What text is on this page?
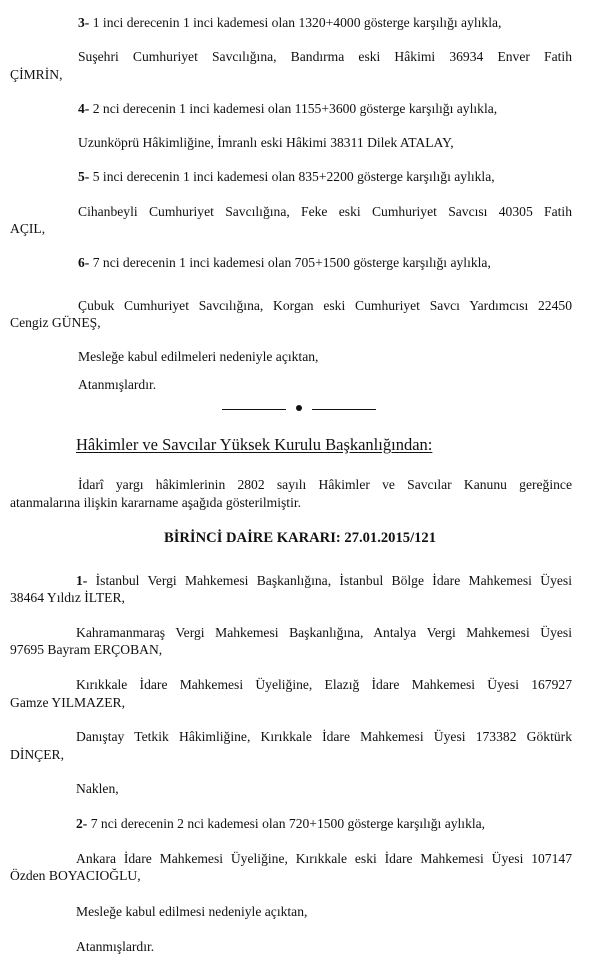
3- 1 inci derecenin 1 inci kademesi olan 1320+4000 gösterge karşılığı aylıkla,
Suşehri Cumhuriyet Savcılığına, Bandırma eski Hâkimi 36934 Enver Fatih
ÇİMRİN,
4- 2 nci derecenin 1 inci kademesi olan 1155+3600 gösterge karşılığı aylıkla,
Uzunköprü Hâkimliğine, İmranlı eski Hâkimi 38311 Dilek ATALAY,
5- 5 inci derecenin 1 inci kademesi olan 835+2200 gösterge karşılığı aylıkla,
Cihanbeyli Cumhuriyet Savcılığına, Feke eski Cumhuriyet Savcısı 40305 Fatih
AÇIL,
6- 7 nci derecenin 1 inci kademesi olan 705+1500 gösterge karşılığı aylıkla,
Çubuk Cumhuriyet Savcılığına, Korgan eski Cumhuriyet Savcı Yardımcısı 22450
Cengiz GÜNEŞ,
Mesleğe kabul edilmeleri nedeniyle açıktan,
Atanmışlardır.
Hâkimler ve Savcılar Yüksek Kurulu Başkanlığından:
İdarî yargı hâkimlerinin 2802 sayılı Hâkimler ve Savcılar Kanunu gereğince
atanmalarına ilişkin kararname aşağıda gösterilmiştir.
BİRİNCİ DAİRE KARARI: 27.01.2015/121
1- İstanbul Vergi Mahkemesi Başkanlığına, İstanbul Bölge İdare Mahkemesi Üyesi
38464 Yıldız İLTER,
Kahramanmaraş Vergi Mahkemesi Başkanlığına, Antalya Vergi Mahkemesi Üyesi
97695 Bayram ERÇOBAN,
Kırıkkale İdare Mahkemesi Üyeliğine, Elazığ İdare Mahkemesi Üyesi 167927
Gamze YILMAZER,
Danıştay Tetkik Hâkimliğine, Kırıkkale İdare Mahkemesi Üyesi 173382 Göktürk
DİNÇER,
Naklen,
2- 7 nci derecenin 2 nci kademesi olan 720+1500 gösterge karşılığı aylıkla,
Ankara İdare Mahkemesi Üyeliğine, Kırıkkale eski İdare Mahkemesi Üyesi 107147
Özden BOYACIOĞLU,
Mesleğe kabul edilmesi nedeniyle açıktan,
Atanmışlardır.
